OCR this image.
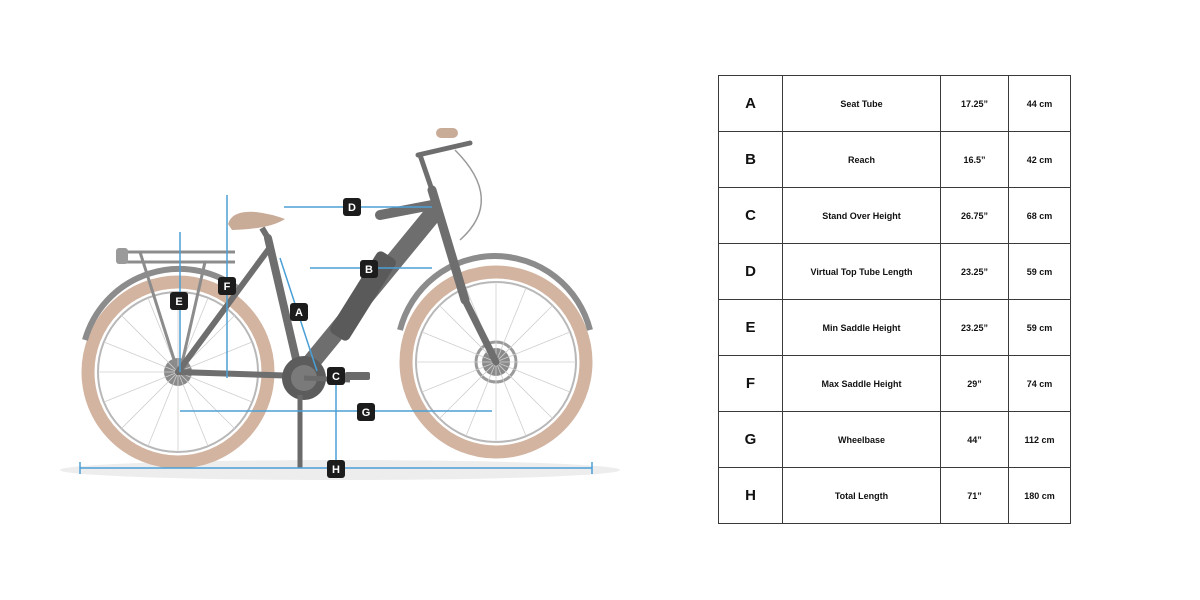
A
B
C
D
E
F
G
H
A	Seat Tube	17.25”	44 cm
B	Reach	16.5”	42 cm
C	Stand Over Height	26.75”	68 cm
D	Virtual Top Tube Length	23.25”	59 cm
E	Min Saddle Height	23.25”	59 cm
F	Max Saddle Height	29”	74 cm
G	Wheelbase	44”	112 cm
H	Total Length	71”	180 cm
